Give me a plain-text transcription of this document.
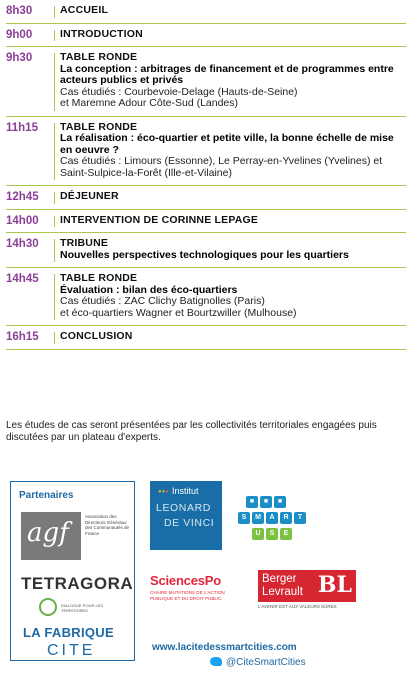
8h30	ACCUEIL
9h00	INTRODUCTION
9h30	TABLE RONDE
La conception : arbitrages de financement et de programmes entre acteurs publics et privés
Cas étudiés : Courbevoie-Delage (Hauts-de-Seine)
et Maremne Adour Côte-Sud (Landes)
11h15	TABLE RONDE
La réalisation : éco-quartier et petite ville, la bonne échelle de mise en oeuvre ?
Cas étudiés : Limours (Essonne), Le Perray-en-Yvelines (Yvelines) et Saint-Sulpice-la-Forêt (Ille-et-Vilaine)
12h45	DÉJEUNER
14h00	INTERVENTION DE CORINNE LEPAGE
14h30	TRIBUNE
Nouvelles perspectives technologiques pour les quartiers
14h45	TABLE RONDE
Évaluation : bilan des éco-quartiers
Cas étudiés : ZAC Clichy Batignolles (Paris)
et éco-quartiers Wagner et Bourtzwiller (Mulhouse)
16h15	CONCLUSION
Les études de cas seront présentées par les collectivités territoriales engagées puis discutées par un plateau d'experts.
Partenaires
agf
Association des Directeurs Généraux des Communautés de France
TETRAGORA
DIALOGUE POUR LES TERRITOIRES
LA FABRIQUE
CITE
●●● Institut
LEONARD
DE VINCI
■	■	■
S	M	A	R	T
U	S	E
SciencesPo
CHAIRE MUTATIONS DE L'ACTION PUBLIQUE ET DU DROIT PUBLIC
Berger
Levrault BL
L'AVENIR EST AUX VALEURS SÛRES
www.lacitedessmartcities.com
@CiteSmartCities
